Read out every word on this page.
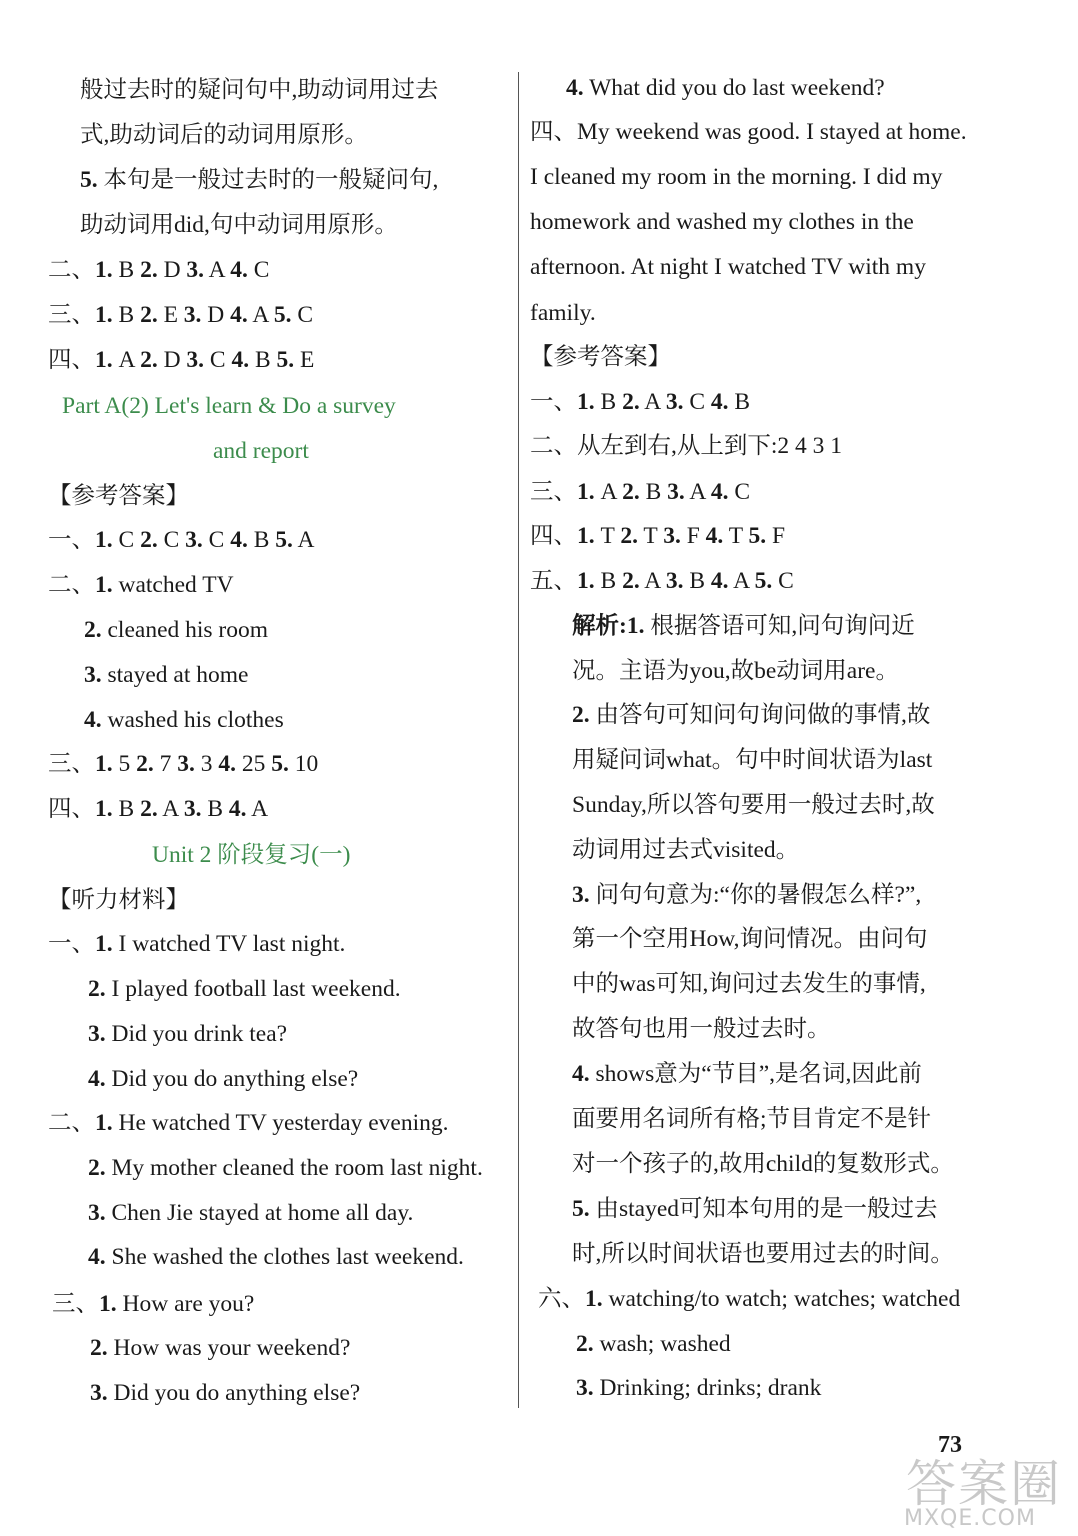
般过去时的疑问句中,助动词用过去
式,助动词后的动词用原形。
5. 本句是一般过去时的一般疑问句,
助动词用did,句中动词用原形。
二、1. B 2. D 3. A 4. C
三、1. B 2. E 3. D 4. A 5. C
四、1. A 2. D 3. C 4. B 5. E
Part A(2) Let's learn & Do a survey
and report
【参考答案】
一、1. C 2. C 3. C 4. B 5. A
二、1. watched TV
2. cleaned his room
3. stayed at home
4. washed his clothes
三、1. 5 2. 7 3. 3 4. 25 5. 10
四、1. B 2. A 3. B 4. A
Unit 2 阶段复习(一)
【听力材料】
一、1. I watched TV last night.
2. I played football last weekend.
3. Did you drink tea?
4. Did you do anything else?
二、1. He watched TV yesterday evening.
2. My mother cleaned the room last night.
3. Chen Jie stayed at home all day.
4. She washed the clothes last weekend.
三、1. How are you?
2. How was your weekend?
3. Did you do anything else?
4. What did you do last weekend?
四、My weekend was good. I stayed at home.
I cleaned my room in the morning. I did my
homework and washed my clothes in the
afternoon. At night I watched TV with my
family.
【参考答案】
一、1. B 2. A 3. C 4. B
二、从左到右,从上到下:2 4 3 1
三、1. A 2. B 3. A 4. C
四、1. T 2. T 3. F 4. T 5. F
五、1. B 2. A 3. B 4. A 5. C
解析:1. 根据答语可知,问句询问近
况。主语为you,故be动词用are。
2. 由答句可知问句询问做的事情,故
用疑问词what。句中时间状语为last
Sunday,所以答句要用一般过去时,故
动词用过去式visited。
3. 问句句意为:“你的暑假怎么样?”,
第一个空用How,询问情况。由问句
中的was可知,询问过去发生的事情,
故答句也用一般过去时。
4. shows意为“节目”,是名词,因此前
面要用名词所有格;节目肯定不是针
对一个孩子的,故用child的复数形式。
5. 由stayed可知本句用的是一般过去
时,所以时间状语也要用过去的时间。
六、1. watching/to watch; watches; watched
2. wash; washed
3. Drinking; drinks; drank
73
答案圈
MXQE.COM
